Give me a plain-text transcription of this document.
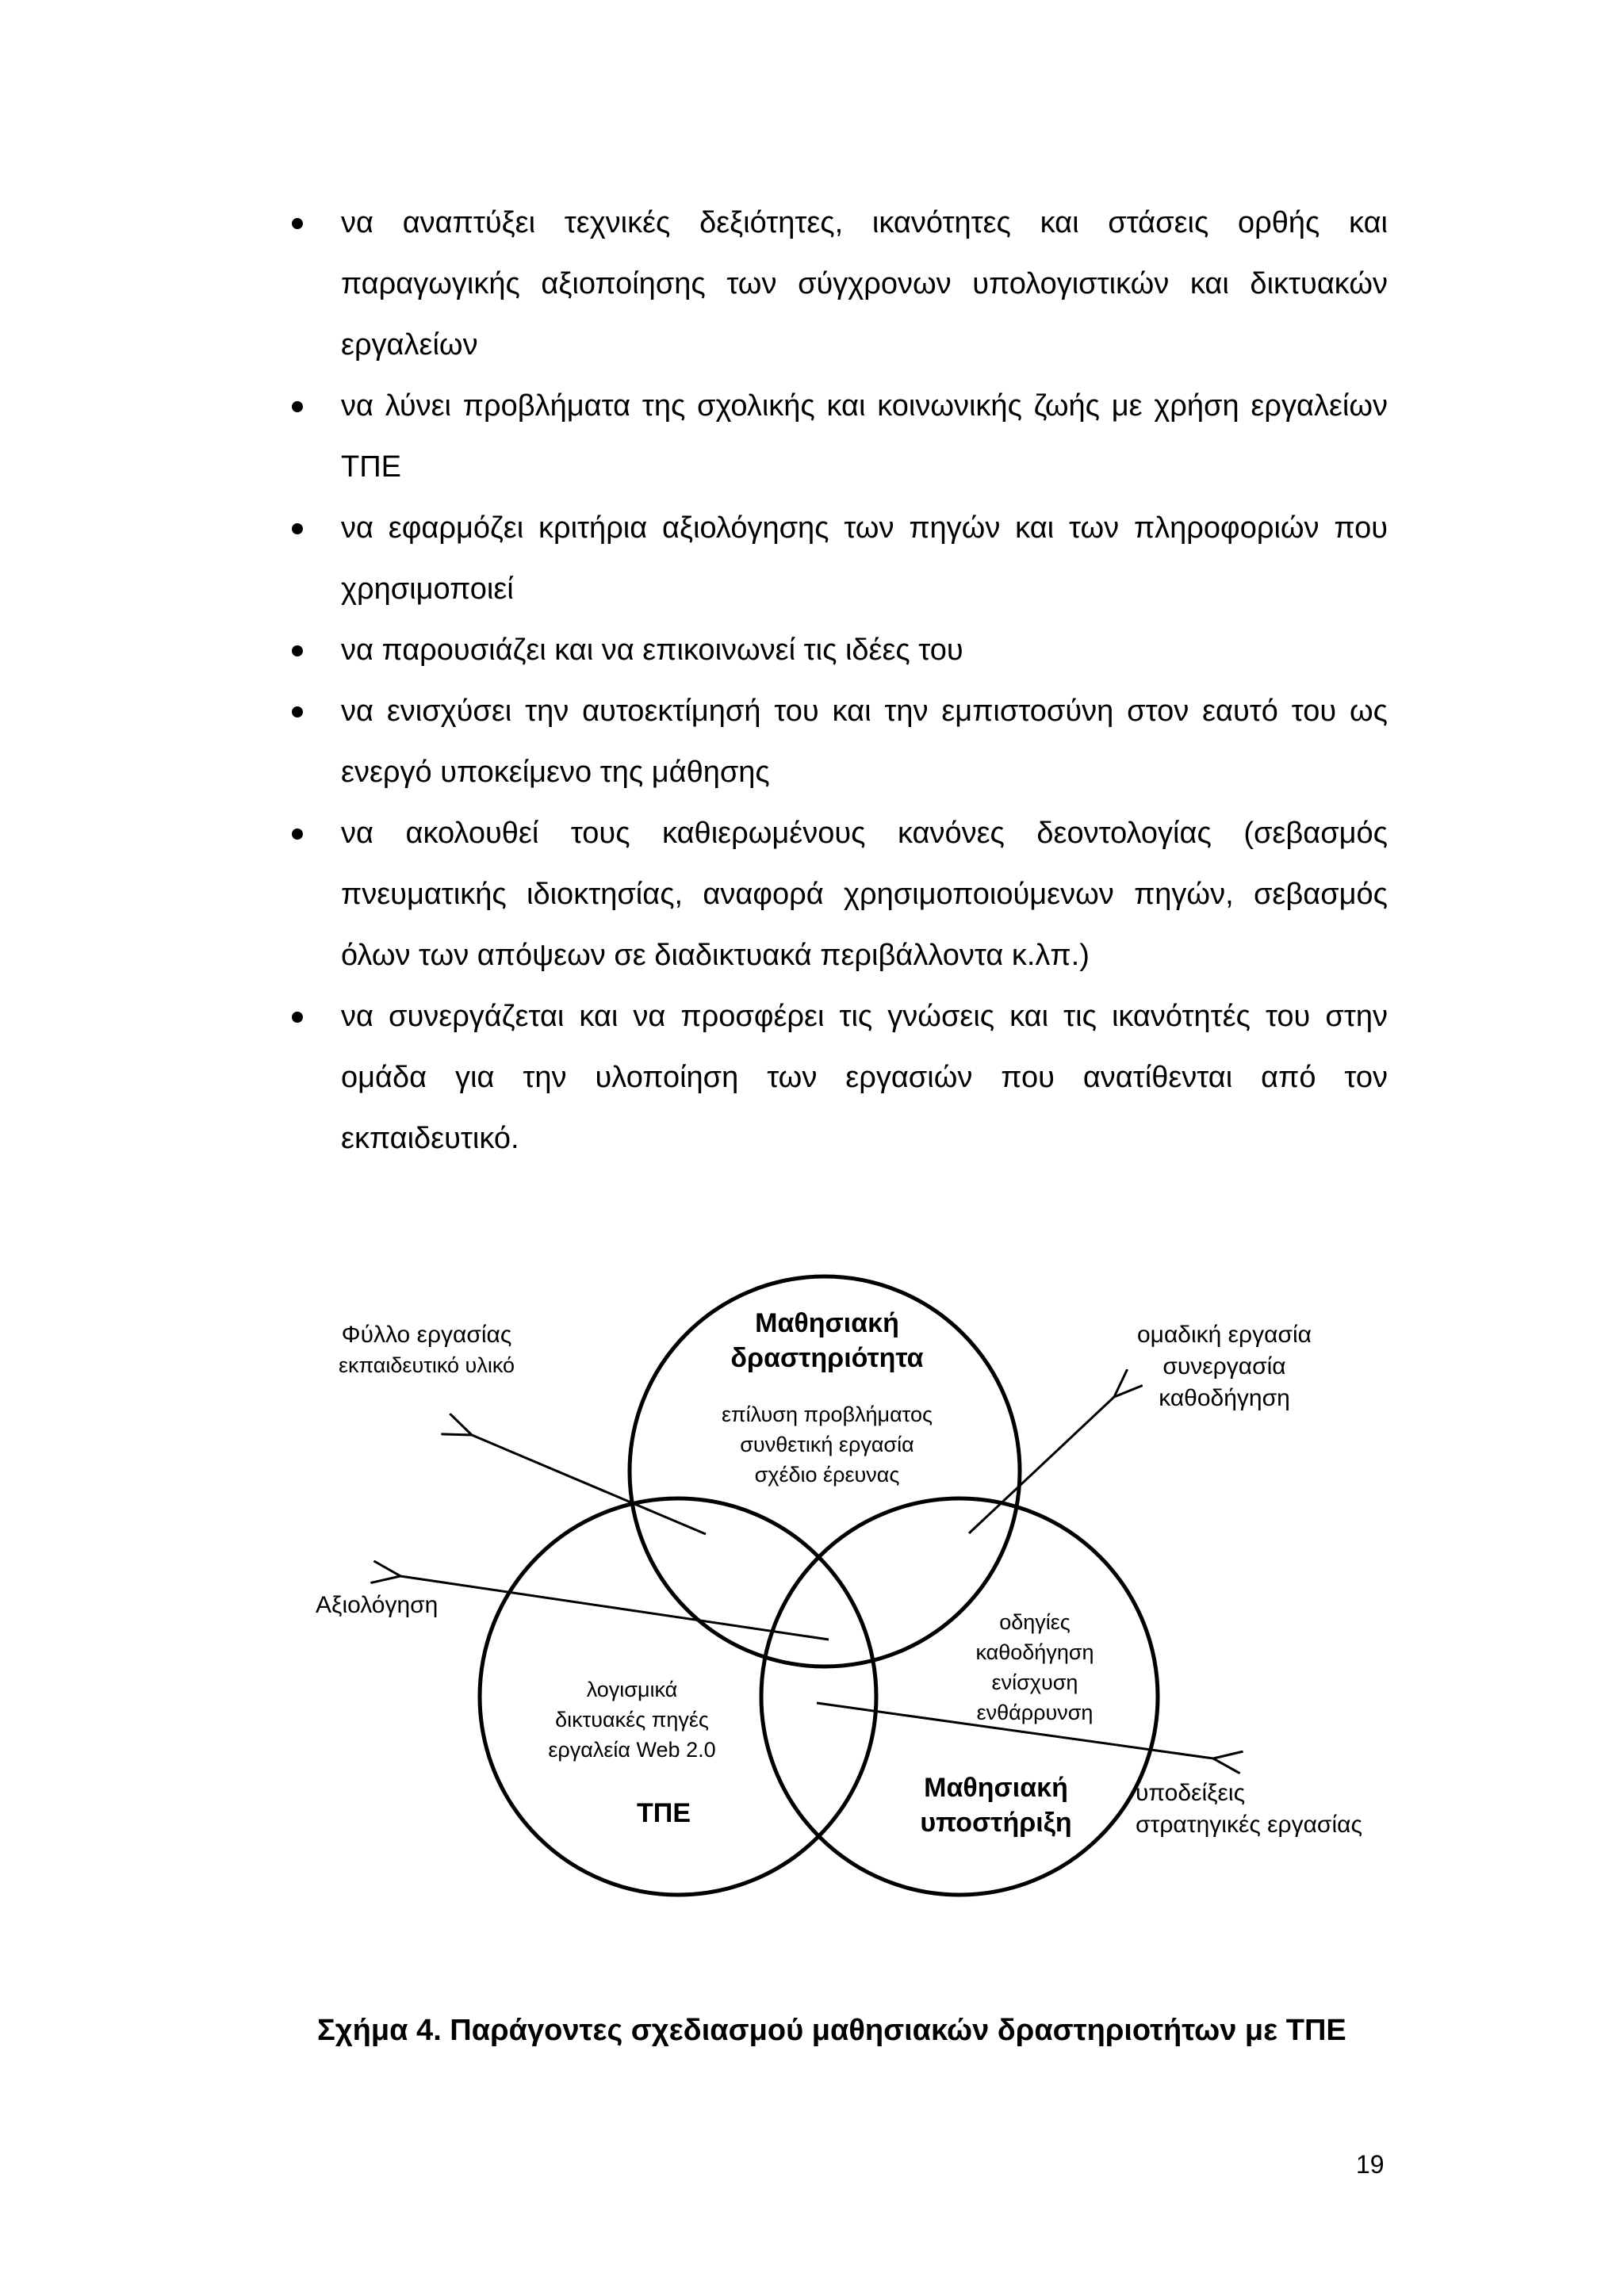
να αναπτύξει τεχνικές δεξιότητες, ικανότητες και στάσεις ορθής και παραγωγικής αξιοποίησης των σύγχρονων υπολογιστικών και δικτυακών εργαλείων
να λύνει προβλήματα της σχολικής και κοινωνικής ζωής με χρήση εργαλείων ΤΠΕ
να εφαρμόζει κριτήρια αξιολόγησης των πηγών και των πληροφοριών που χρησιμοποιεί
να παρουσιάζει και να επικοινωνεί τις ιδέες του
να ενισχύσει την αυτοεκτίμησή του και την εμπιστοσύνη στον εαυτό του ως ενεργό υποκείμενο της μάθησης
να ακολουθεί τους καθιερωμένους κανόνες δεοντολογίας (σεβασμός πνευματικής ιδιοκτησίας, αναφορά χρησιμοποιούμενων πηγών, σεβασμός όλων των απόψεων σε διαδικτυακά περιβάλλοντα κ.λπ.)
να συνεργάζεται και να προσφέρει τις γνώσεις και τις ικανότητές του στην ομάδα για την υλοποίηση των εργασιών που ανατίθενται από τον εκπαιδευτικό.
Μαθησιακή
δραστηριότητα
επίλυση προβλήματος
συνθετική εργασία
σχέδιο έρευνας
λογισμικά
δικτυακές πηγές
εργαλεία Web 2.0
ΤΠΕ
οδηγίες
καθοδήγηση
ενίσχυση
ενθάρρυνση
Μαθησιακή
υποστήριξη
Φύλλο εργασίας
εκπαιδευτικό υλικό
ομαδική εργασία
συνεργασία
καθοδήγηση
Αξιολόγηση
υποδείξεις
στρατηγικές εργασίας
Σχήμα 4. Παράγοντες σχεδιασμού μαθησιακών δραστηριοτήτων με ΤΠΕ
19
